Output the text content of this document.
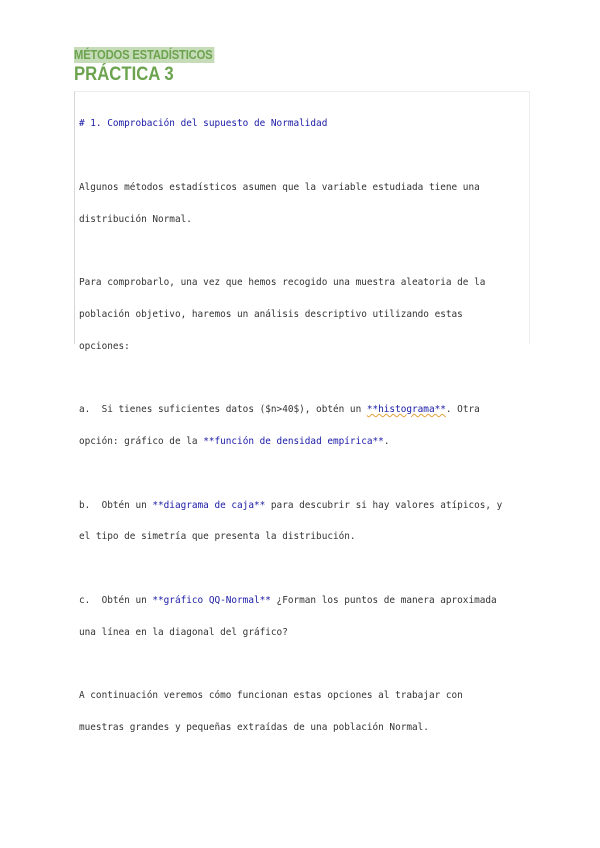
MÉTODOS ESTADÍSTICOS
PRÁCTICA 3

# 1. Comprobación del supuesto de Normalidad

Algunos métodos estadísticos asumen que la variable estudiada tiene una

distribución Normal.

Para comprobarlo, una vez que hemos recogido una muestra aleatoria de la

población objetivo, haremos un análisis descriptivo utilizando estas

opciones:

a.  Si tienes suficientes datos ($n>40$), obtén un **histograma**. Otra

opción: gráfico de la **función de densidad empírica**.

b.  Obtén un **diagrama de caja** para descubrir si hay valores atípicos, y

el tipo de simetría que presenta la distribución.

c.  Obtén un **gráfico QQ-Normal** ¿Forman los puntos de manera aproximada

una línea en la diagonal del gráfico?

A continuación veremos cómo funcionan estas opciones al trabajar con

muestras grandes y pequeñas extraídas de una población Normal.
